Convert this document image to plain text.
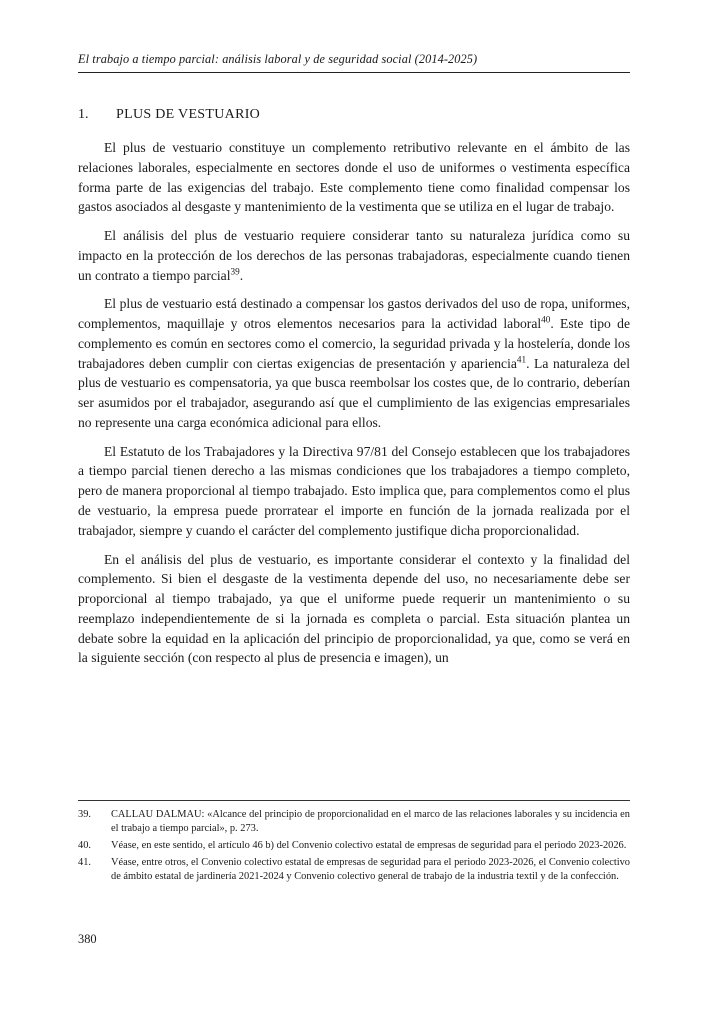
El trabajo a tiempo parcial: análisis laboral y de seguridad social (2014-2025)
1.	PLUS DE VESTUARIO

El plus de vestuario constituye un complemento retributivo relevante en el ámbito de las relaciones laborales, especialmente en sectores donde el uso de uniformes o vestimenta específica forma parte de las exigencias del trabajo. Este complemento tiene como finalidad compensar los gastos asociados al desgaste y mantenimiento de la vestimenta que se utiliza en el lugar de trabajo.

El análisis del plus de vestuario requiere considerar tanto su naturaleza jurídica como su impacto en la protección de los derechos de las personas trabajadoras, especialmente cuando tienen un contrato a tiempo parcial$^{39}$.

El plus de vestuario está destinado a compensar los gastos derivados del uso de ropa, uniformes, complementos, maquillaje y otros elementos necesarios para la actividad laboral$^{40}$. Este tipo de complemento es común en sectores como el comercio, la seguridad privada y la hostelería, donde los trabajadores deben cumplir con ciertas exigencias de presentación y apariencia$^{41}$. La naturaleza del plus de vestuario es compensatoria, ya que busca reembolsar los costes que, de lo contrario, deberían ser asumidos por el trabajador, asegurando así que el cumplimiento de las exigencias empresariales no represente una carga económica adicional para ellos.

El Estatuto de los Trabajadores y la Directiva 97/81 del Consejo establecen que los trabajadores a tiempo parcial tienen derecho a las mismas condiciones que los trabajadores a tiempo completo, pero de manera proporcional al tiempo trabajado. Esto implica que, para complementos como el plus de vestuario, la empresa puede prorratear el importe en función de la jornada realizada por el trabajador, siempre y cuando el carácter del complemento justifique dicha proporcionalidad.

En el análisis del plus de vestuario, es importante considerar el contexto y la finalidad del complemento. Si bien el desgaste de la vestimenta depende del uso, no necesariamente debe ser proporcional al tiempo trabajado, ya que el uniforme puede requerir un mantenimiento o su reemplazo independientemente de si la jornada es completa o parcial. Esta situación plantea un debate sobre la equidad en la aplicación del principio de proporcionalidad, ya que, como se verá en la siguiente sección (con respecto al plus de presencia e imagen), un

39.	CALLAU DALMAU: «Alcance del principio de proporcionalidad en el marco de las relaciones laborales y su incidencia en el trabajo a tiempo parcial», p. 273.
40.	Véase, en este sentido, el artículo 46 b) del Convenio colectivo estatal de empresas de seguridad para el periodo 2023-2026.
41.	Véase, entre otros, el Convenio colectivo estatal de empresas de seguridad para el periodo 2023-2026, el Convenio colectivo de ámbito estatal de jardinería 2021-2024 y Convenio colectivo general de trabajo de la industria textil y de la confección.
380
